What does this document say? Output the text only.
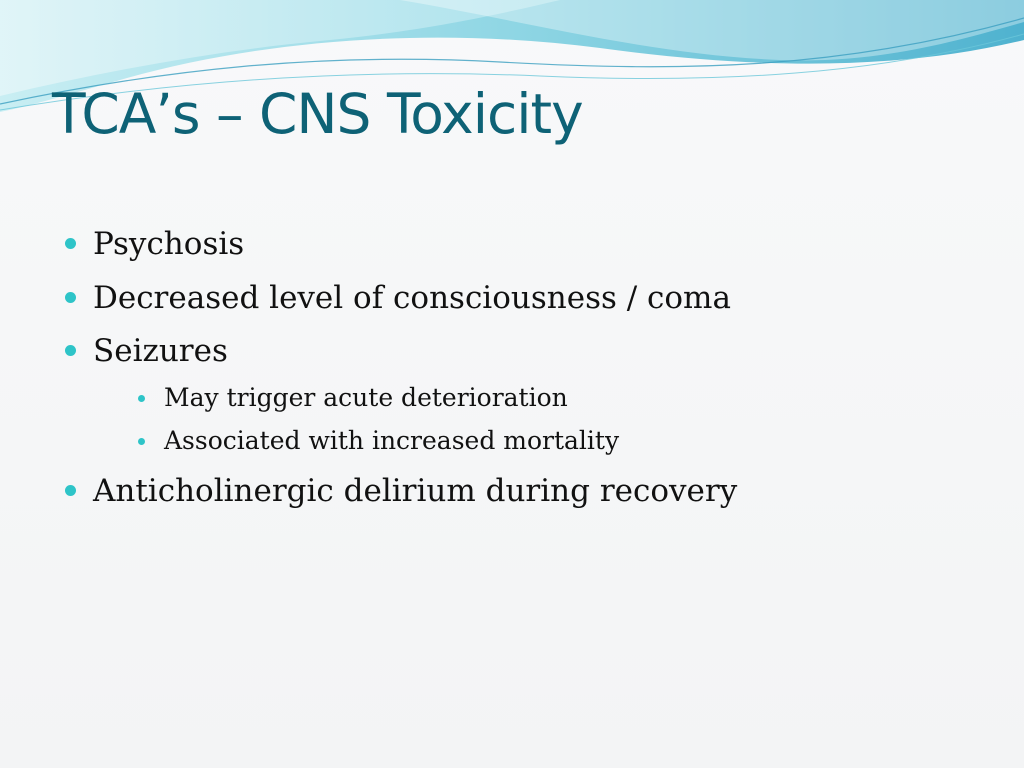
TCA’s – CNS Toxicity
Psychosis
Decreased level of consciousness / coma
Seizures
May trigger acute deterioration
Associated with increased mortality
Anticholinergic delirium during recovery
